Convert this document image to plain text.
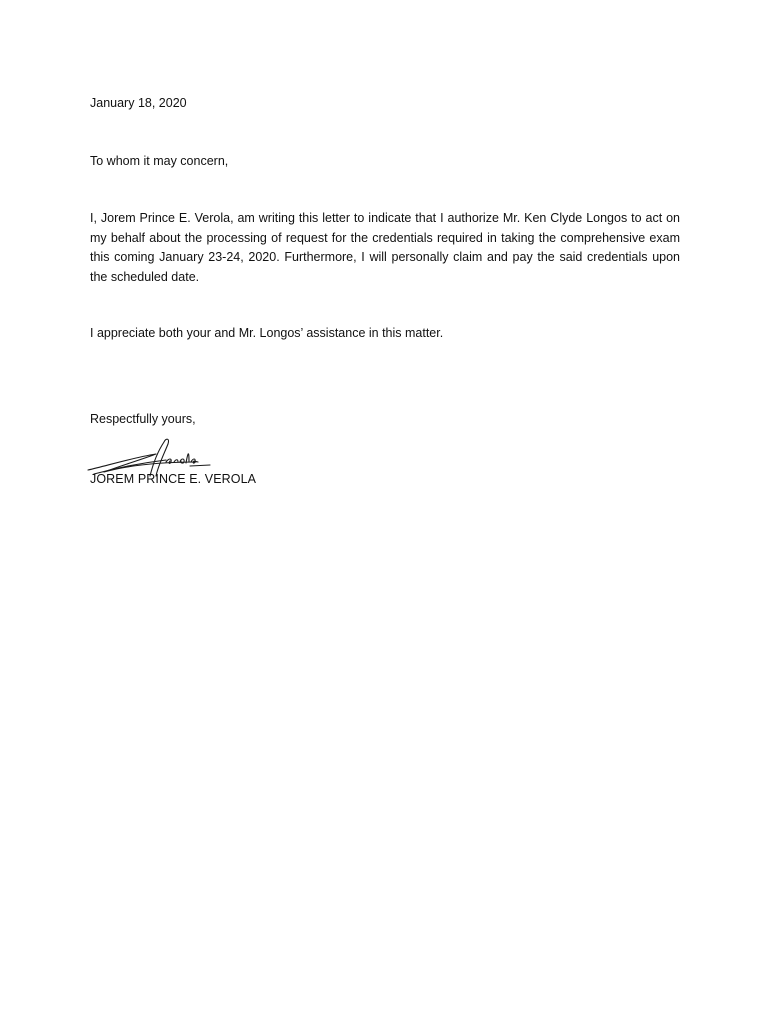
January 18, 2020

To whom it may concern,

I, Jorem Prince E. Verola, am writing this letter to indicate that I authorize Mr. Ken Clyde Longos to act on my behalf about the processing of request for the credentials required in taking the comprehensive exam this coming January 23-24, 2020. Furthermore, I will personally claim and pay the said credentials upon the scheduled date.

I appreciate both your and Mr. Longos’ assistance in this matter.

Respectfully yours,

JOREM PRINCE E. VEROLA
